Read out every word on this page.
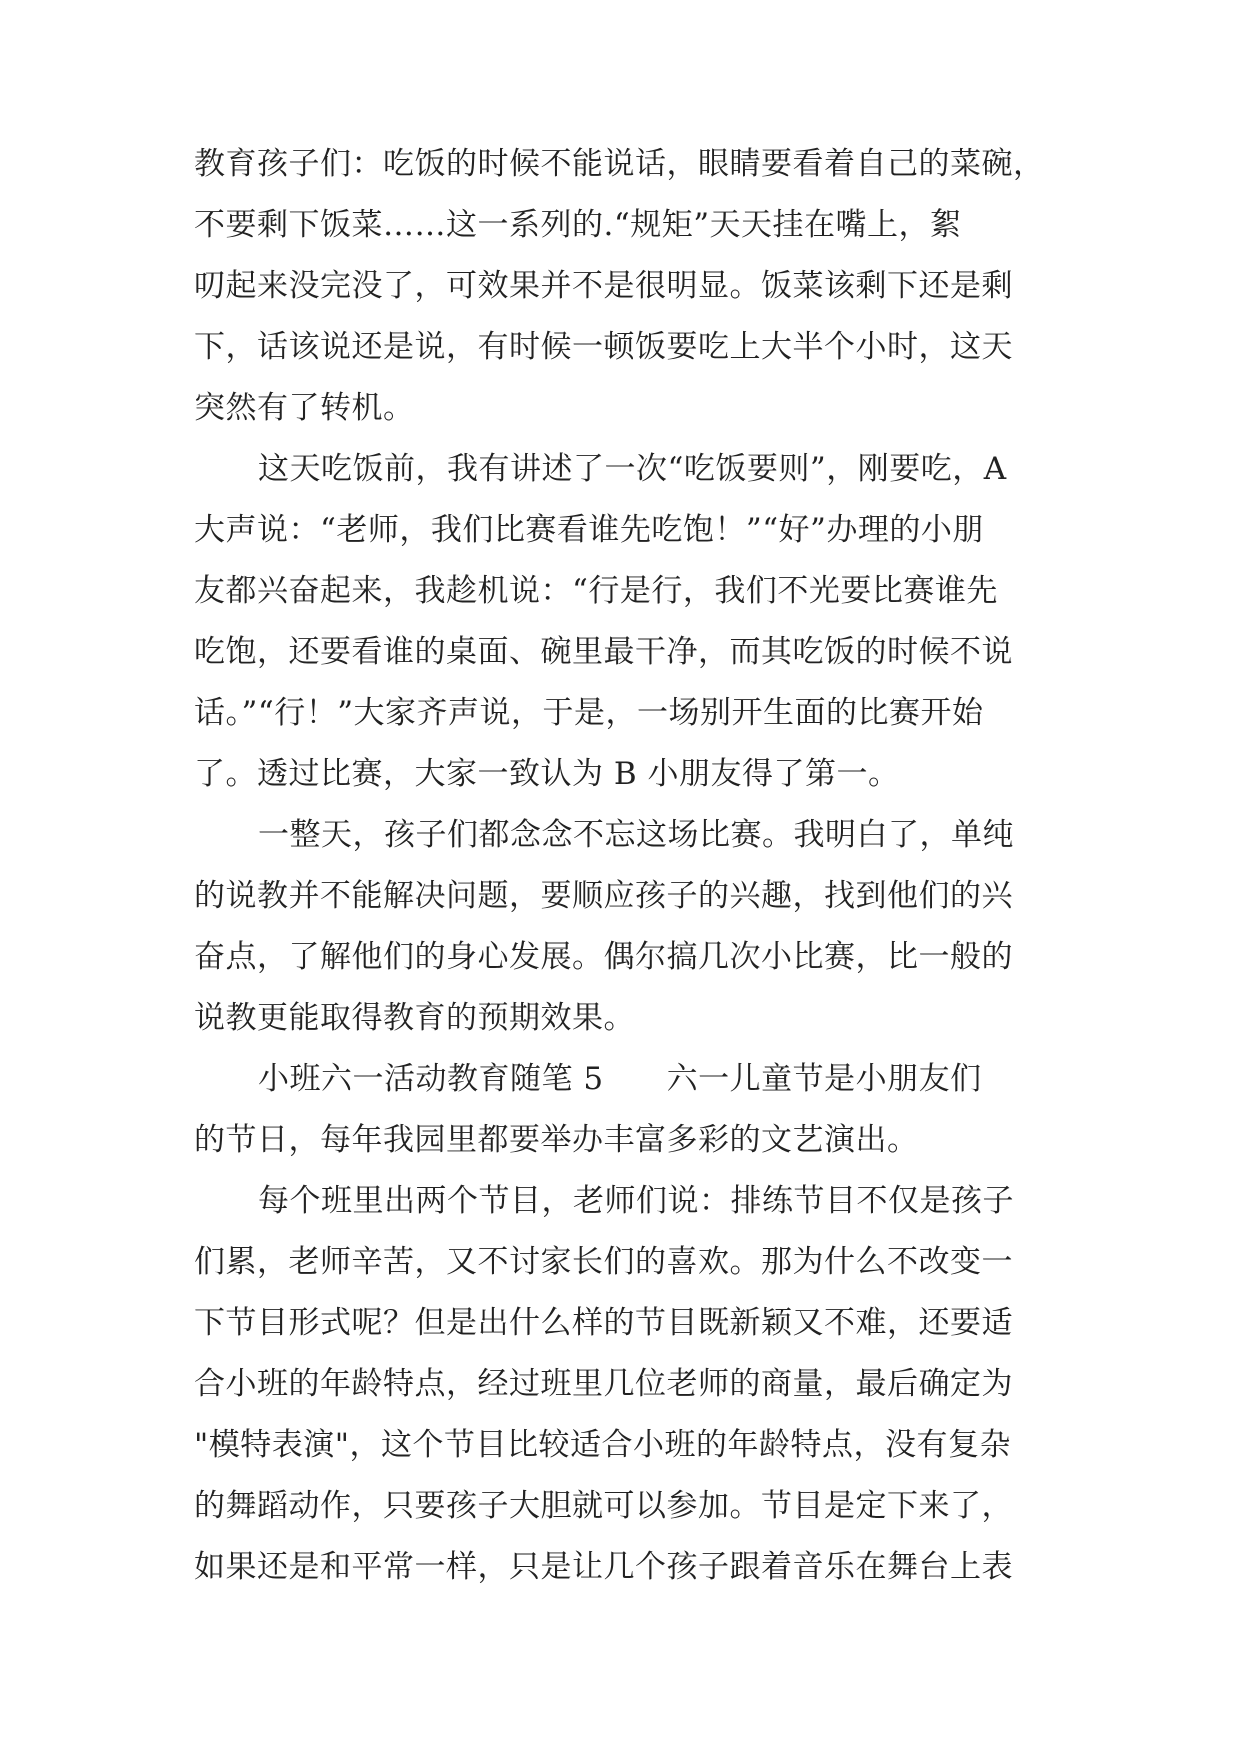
教育孩子们：吃饭的时候不能说话，眼睛要看着自己的菜碗，
不要剩下饭菜……这一系列的.“规矩”天天挂在嘴上，絮
叨起来没完没了，可效果并不是很明显。饭菜该剩下还是剩
下，话该说还是说，有时候一顿饭要吃上大半个小时，这天
突然有了转机。
这天吃饭前，我有讲述了一次“吃饭要则”，刚要吃，A
大声说：“老师，我们比赛看谁先吃饱！”“好”办理的小朋
友都兴奋起来，我趁机说：“行是行，我们不光要比赛谁先
吃饱，还要看谁的桌面、碗里最干净，而其吃饭的时候不说
话。”“行！”大家齐声说，于是，一场别开生面的比赛开始
了。透过比赛，大家一致认为 B 小朋友得了第一。
一整天，孩子们都念念不忘这场比赛。我明白了，单纯
的说教并不能解决问题，要顺应孩子的兴趣，找到他们的兴
奋点，了解他们的身心发展。偶尔搞几次小比赛，比一般的
说教更能取得教育的预期效果。
小班六一活动教育随笔 5　　六一儿童节是小朋友们
的节日，每年我园里都要举办丰富多彩的文艺演出。
每个班里出两个节目，老师们说：排练节目不仅是孩子
们累，老师辛苦，又不讨家长们的喜欢。那为什么不改变一
下节目形式呢？但是出什么样的节目既新颖又不难，还要适
合小班的年龄特点，经过班里几位老师的商量，最后确定为
"模特表演"，这个节目比较适合小班的年龄特点，没有复杂
的舞蹈动作，只要孩子大胆就可以参加。节目是定下来了，
如果还是和平常一样，只是让几个孩子跟着音乐在舞台上表
